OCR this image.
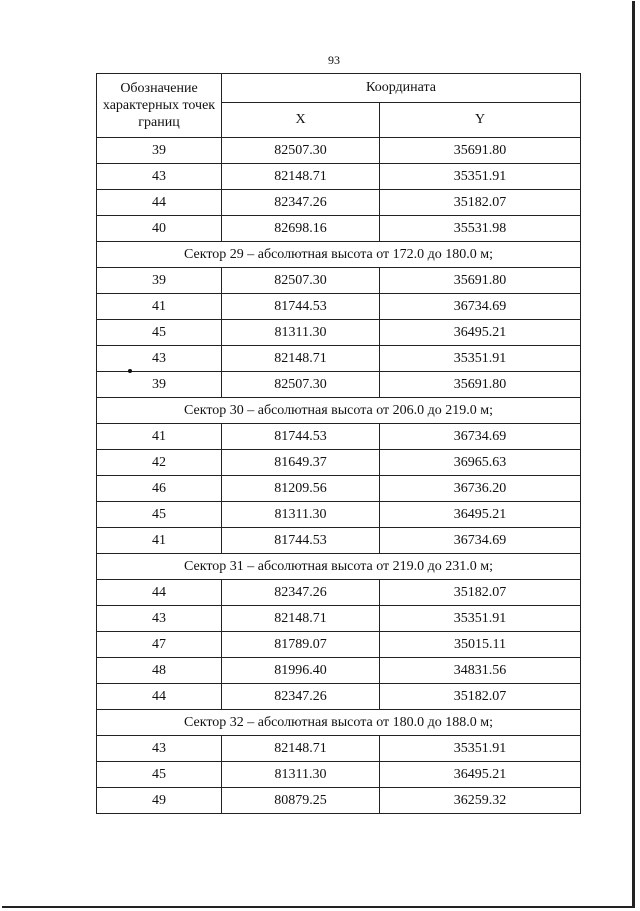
93
Обозначение характерных точек границ	Координата	
	X	Y
39	82507.30	35691.80
43	82148.71	35351.91
44	82347.26	35182.07
40	82698.16	35531.98
Сектор 29 – абсолютная высота от 172.0 до 180.0 м;		
39	82507.30	35691.80
41	81744.53	36734.69
45	81311.30	36495.21
43	82148.71	35351.91
39	82507.30	35691.80
Сектор 30 – абсолютная высота от 206.0 до 219.0 м;		
41	81744.53	36734.69
42	81649.37	36965.63
46	81209.56	36736.20
45	81311.30	36495.21
41	81744.53	36734.69
Сектор 31 – абсолютная высота от 219.0 до 231.0 м;		
44	82347.26	35182.07
43	82148.71	35351.91
47	81789.07	35015.11
48	81996.40	34831.56
44	82347.26	35182.07
Сектор 32 – абсолютная высота от 180.0 до 188.0 м;		
43	82148.71	35351.91
45	81311.30	36495.21
49	80879.25	36259.32
